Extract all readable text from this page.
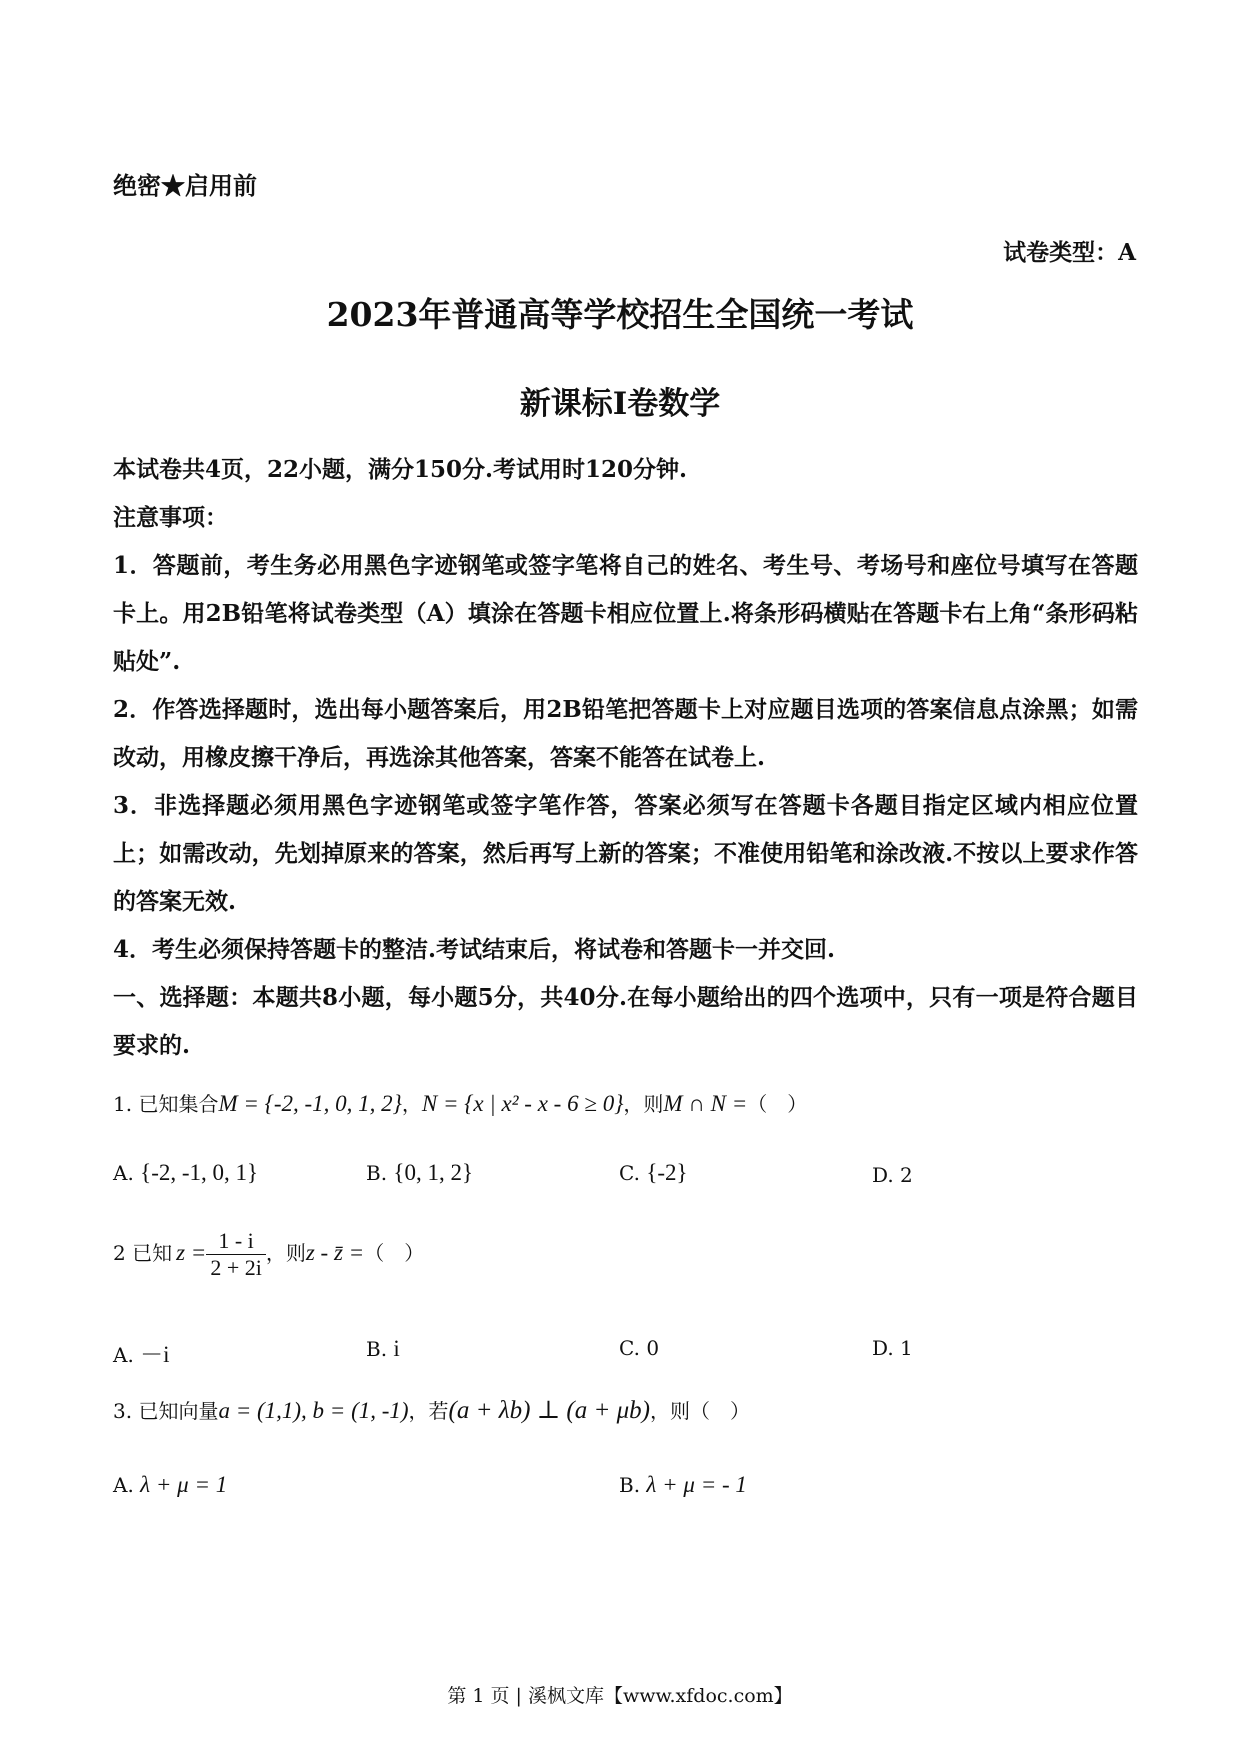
绝密★启用前
试卷类型：A
2023年普通高等学校招生全国统一考试
新课标Ⅰ卷数学
本试卷共4页，22小题，满分150分.考试用时120分钟.
注意事项：
1．答题前，考生务必用黑色字迹钢笔或签字笔将自己的姓名、考生号、考场号和座位号填写在答题卡上。用2B铅笔将试卷类型（A）填涂在答题卡相应位置上.将条形码横贴在答题卡右上角“条形码粘贴处”.
2．作答选择题时，选出每小题答案后，用2B铅笔把答题卡上对应题目选项的答案信息点涂黑；如需改动，用橡皮擦干净后，再选涂其他答案，答案不能答在试卷上.
3．非选择题必须用黑色字迹钢笔或签字笔作答，答案必须写在答题卡各题目指定区域内相应位置上；如需改动，先划掉原来的答案，然后再写上新的答案；不准使用铅笔和涂改液.不按以上要求作答的答案无效.
4．考生必须保持答题卡的整洁.考试结束后，将试卷和答题卡一并交回.
一、选择题：本题共8小题，每小题5分，共40分.在每小题给出的四个选项中，只有一项是符合题目要求的.
1. 已知集合M = {-2, -1, 0, 1, 2}，N = {x | x² - x - 6 ≥ 0}，则M ∩ N =（　）
A. {-2, -1, 0, 1}	B. {0, 1, 2}	C. {-2}	D. 2
2 已知 $z = \frac{1 - i}{2 + 2i}$ ，则z - z̄ =（　）
A. －i	B. i	C. 0	D. 1
3. 已知向量a = (1,1), b = (1, -1)，若(a + λb) ⊥ (a + μb)，则（　）
A. λ + μ = 1	B. λ + μ = - 1
第 1 页 | 溪枫文库【www.xfdoc.com】
